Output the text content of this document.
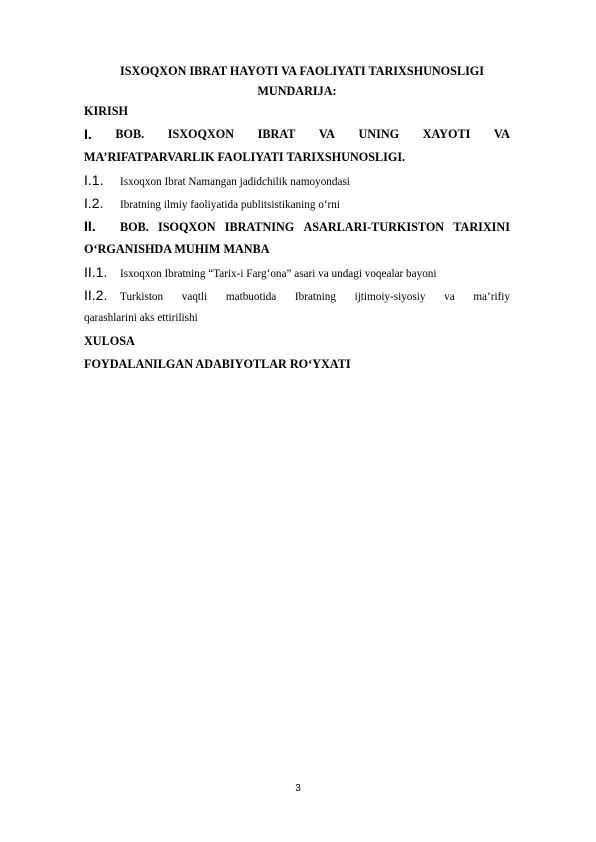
ISXOQXON IBRAT HAYOTI VA FAOLIYATI TARIXSHUNOSLIGI
MUNDARIJA:
KIRISH
I. BOB. ISXOQXON IBRAT VA UNING XAYOTI VA
MA’RIFATPARVARLIK FAOLIYATI TARIXSHUNOSLIGI.
I.1.	Isxoqxon Ibrat Namangan jadidchilik namoyondasi
I.2.	Ibratning ilmiy faoliyatida publitsistikaning o‘rni
II.	BOB. ISOQXON IBRATNING ASARLARI-TURKISTON TARIXINI
O‘RGANISHDA MUHIM MANBA
II.1.	Isxoqxon Ibratning “Tarix-i Farg‘ona” asari va undagi voqealar bayoni
II.2.	Turkiston vaqtli matbuotida Ibratning ijtimoiy-siyosiy va ma’rifiy
qarashlarini aks ettirilishi
XULOSA
FOYDALANILGAN ADABIYOTLAR RO‘YXATI
3
